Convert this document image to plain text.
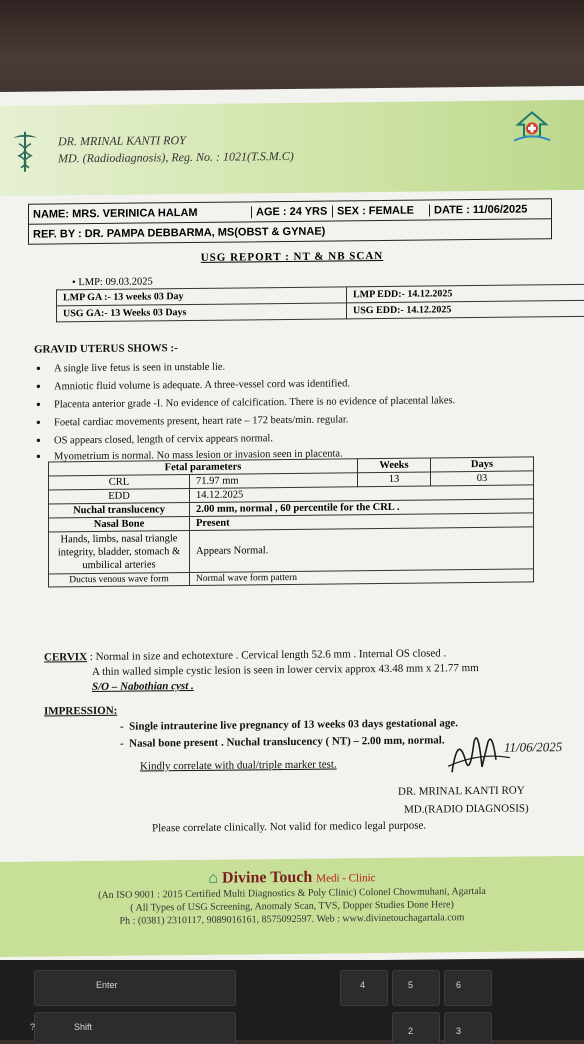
DR. MRINAL KANTI ROY
MD. (Radiodiagnosis), Reg. No. : 1021(T.S.M.C)
NAME: MRS. VERINICA HALAM	AGE : 24 YRS SEX : FEMALE	DATE : 11/06/2025
REF. BY : DR. PAMPA DEBBARMA, MS(OBST & GYNAE)
USG REPORT : NT & NB SCAN
• LMP: 09.03.2025
LMP GA :- 13 weeks 03 Day	LMP EDD:- 14.12.2025
USG GA:- 13 Weeks 03 Days	USG EDD:- 14.12.2025
GRAVID UTERUS SHOWS :-
● A single live fetus is seen in unstable lie.
● Amniotic fluid volume is adequate. A three-vessel cord was identified.
● Placenta anterior grade -I. No evidence of calcification. There is no evidence of placental lakes.
● Foetal cardiac movements present, heart rate – 172 beats/min. regular.
● OS appears closed, length of cervix appears normal.
● Myometrium is normal. No mass lesion or invasion seen in placenta.
Fetal parameters		Weeks	Days
CRL	71.97 mm	13	03
EDD	14.12.2025		
Nuchal translucency	2.00 mm, normal , 60 percentile for the CRL .		
Nasal Bone	Present		
Hands, limbs, nasal triangle integrity, bladder, stomach & umbilical arteries	Appears Normal.		
Ductus venous wave form	Normal wave form pattern		
CERVIX : Normal in size and echotexture . Cervical length 52.6 mm . Internal OS closed .
A thin walled simple cystic lesion is seen in lower cervix approx 43.48 mm x 21.77 mm
S/O – Nabothian cyst .
IMPRESSION:
-  Single intrauterine live pregnancy of 13 weeks 03 days gestational age.
-  Nasal bone present . Nuchal translucency ( NT) – 2.00 mm, normal.
Kindly correlate with dual/triple marker test.
11/06/2025
DR. MRINAL KANTI ROY
MD.(RADIO DIAGNOSIS)
Please correlate clinically. Not valid for medico legal purpose.
⌂ Divine Touch Medi - Clinic
(An ISO 9001 : 2015 Certified Multi Diagnostics & Poly Clinic) Colonel Chowmuhani, Agartala
( All Types of USG Screening, Anomaly Scan, TVS, Dopper Studies Done Here)
Ph : (0381) 2310117, 9089016161, 8575092597. Web : www.divinetouchagartala.com
Enter
Shift
?
4	5	6
2	3
